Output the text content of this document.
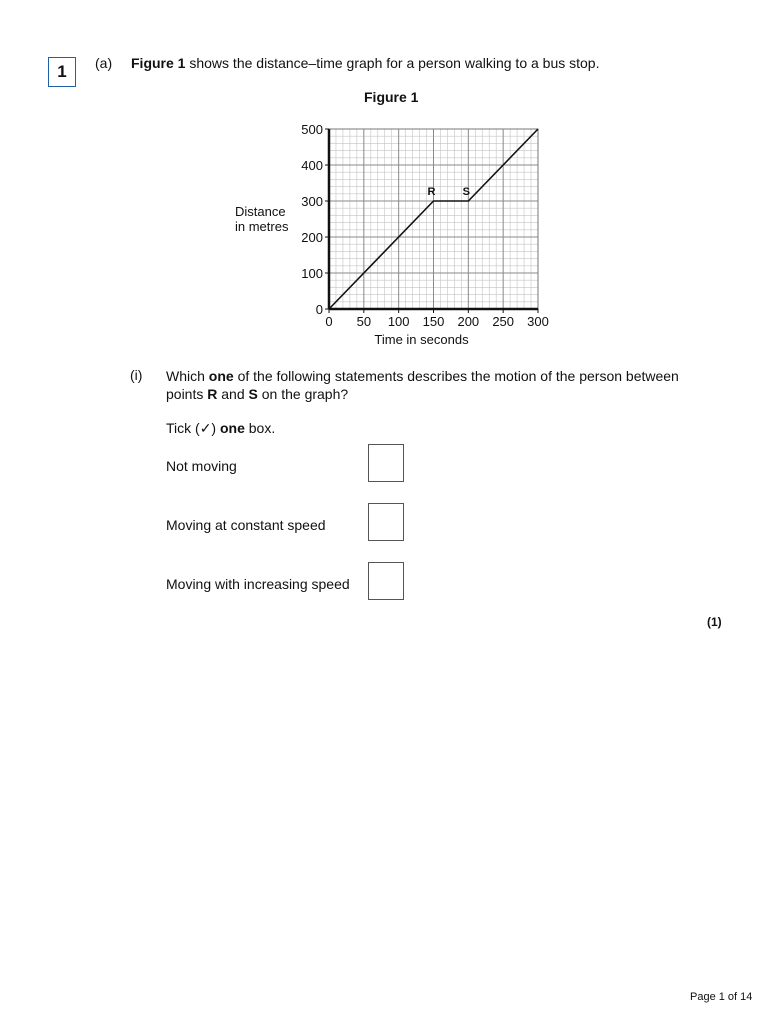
1	(a) Figure 1 shows the distance–time graph for a person walking to a bus stop.
Figure 1
0 50 100 150 200 250 300
0
100
200
300
400
500
R S
Time in seconds
Distance
in metres
(i) Which one of the following statements describes the motion of the person between points R and S on the graph?
Tick (✓) one box.
Not moving
Moving at constant speed
Moving with increasing speed
(1)
Page 1 of 14
